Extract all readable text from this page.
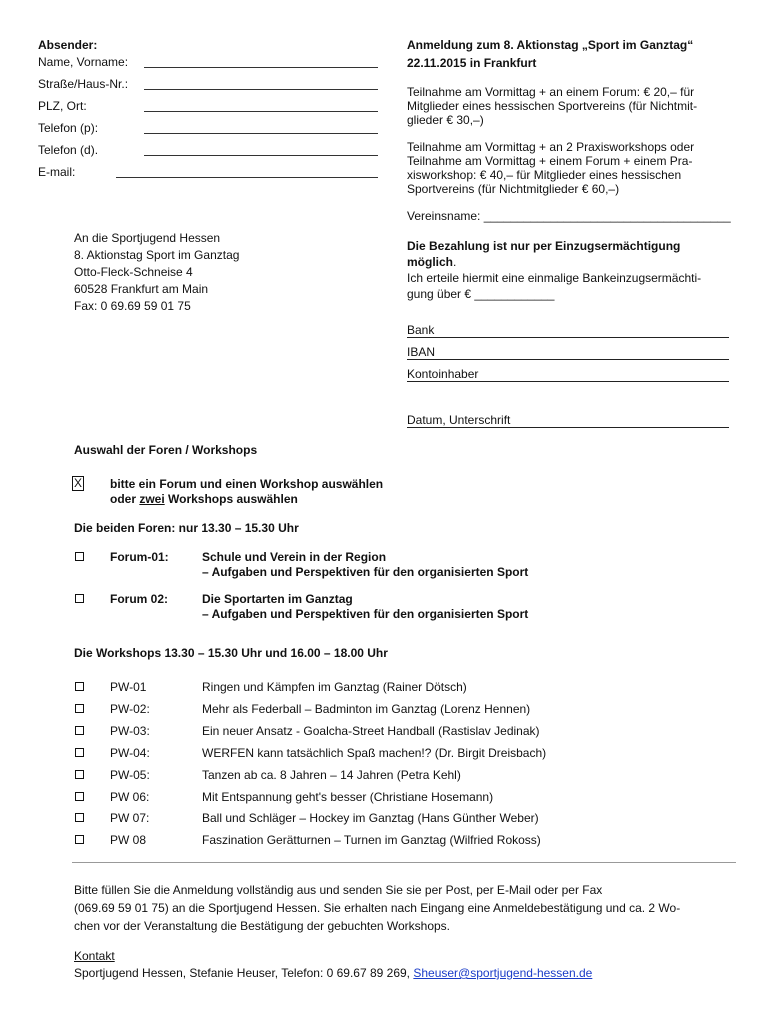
Absender:
Name, Vorname:
Straße/Haus-Nr.:
PLZ, Ort:
Telefon (p):
Telefon (d).
E-mail:
An die Sportjugend Hessen
8. Aktionstag Sport im Ganztag
Otto-Fleck-Schneise 4
60528 Frankfurt am Main
Fax: 0 69.69 59 01 75
Anmeldung zum 8. Aktionstag „Sport im Ganztag“
22.11.2015 in Frankfurt
Teilnahme am Vormittag + an einem Forum: € 20,– für
Mitglieder eines hessischen Sportvereins (für Nichtmit-
glieder € 30,–)
Teilnahme am Vormittag + an 2 Praxisworkshops oder
Teilnahme am Vormittag + einem Forum + einem Pra-
xisworkshop: € 40,– für Mitglieder eines hessischen
Sportvereins (für Nichtmitglieder € 60,–)
Vereinsname: _____________________________________
Die Bezahlung ist nur per Einzugsermächtigung
möglich.
Ich erteile hiermit eine einmalige Bankeinzugsermächti-
gung über € ____________
Bank
IBAN
Kontoinhaber
Datum, Unterschrift
Auswahl der Foren / Workshops
X bitte ein Forum und einen Workshop auswählen
oder zwei Workshops auswählen
Die beiden Foren: nur 13.30 – 15.30 Uhr
Forum-01:	Schule und Verein in der Region
– Aufgaben und Perspektiven für den organisierten Sport
Forum 02:	Die Sportarten im Ganztag
– Aufgaben und Perspektiven für den organisierten Sport
Die Workshops 13.30 – 15.30 Uhr und 16.00 – 18.00 Uhr
PW-01	Ringen und Kämpfen im Ganztag (Rainer Dötsch)
PW-02:	Mehr als Federball – Badminton im Ganztag (Lorenz Hennen)
PW-03:	Ein neuer Ansatz - Goalcha-Street Handball (Rastislav Jedinak)
PW-04:	WERFEN kann tatsächlich Spaß machen!? (Dr. Birgit Dreisbach)
PW-05:	Tanzen ab ca. 8 Jahren – 14 Jahren (Petra Kehl)
PW 06:	Mit Entspannung geht's besser (Christiane Hosemann)
PW 07:	Ball und Schläger – Hockey im Ganztag (Hans Günther Weber)
PW 08	Faszination Gerätturnen – Turnen im Ganztag (Wilfried Rokoss)
Bitte füllen Sie die Anmeldung vollständig aus und senden Sie sie per Post, per E-Mail oder per Fax
(069.69 59 01 75) an die Sportjugend Hessen. Sie erhalten nach Eingang eine Anmeldebestätigung und ca. 2 Wo-
chen vor der Veranstaltung die Bestätigung der gebuchten Workshops.
Kontakt
Sportjugend Hessen, Stefanie Heuser, Telefon: 0 69.67 89 269, Sheuser@sportjugend-hessen.de
